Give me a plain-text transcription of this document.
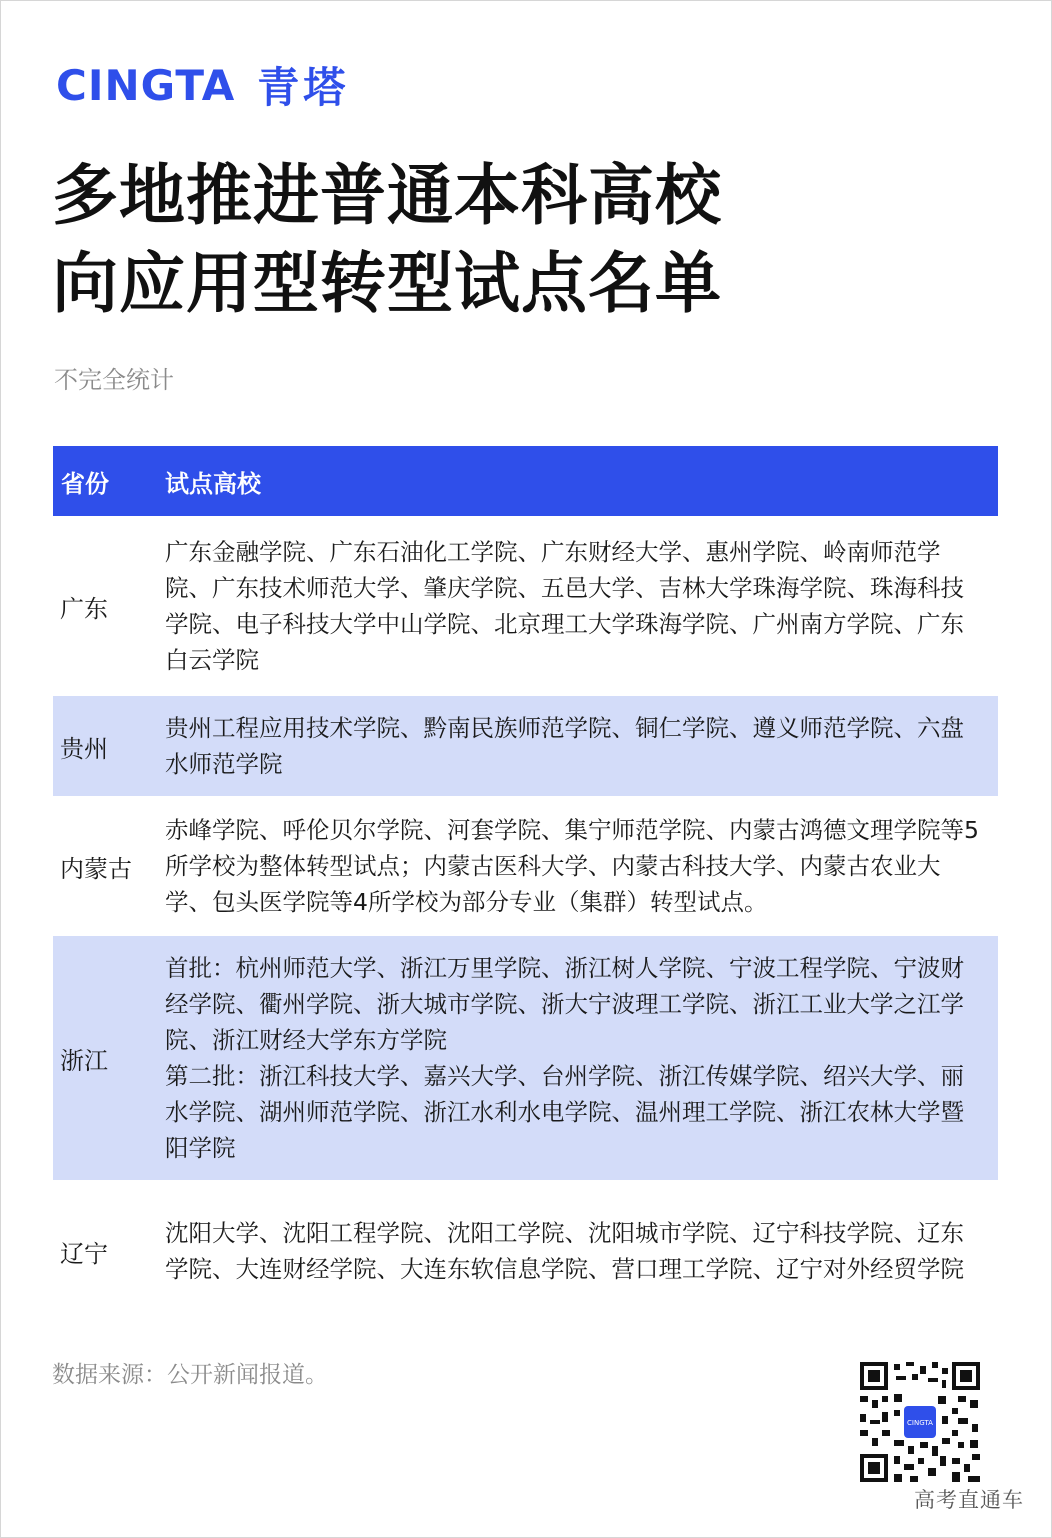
CINGTA 青塔
多地推进普通本科高校
向应用型转型试点名单
不完全统计
省份	试点高校
广东

广东金融学院、广东石油化工学院、广东财经大学、惠州学院、岭南师范学院、广东技术师范大学、肇庆学院、五邑大学、吉林大学珠海学院、珠海科技学院、电子科技大学中山学院、北京理工大学珠海学院、广州南方学院、广东白云学院

贵州

贵州工程应用技术学院、黔南民族师范学院、铜仁学院、遵义师范学院、六盘水师范学院

内蒙古

赤峰学院、呼伦贝尔学院、河套学院、集宁师范学院、内蒙古鸿德文理学院等5所学校为整体转型试点；内蒙古医科大学、内蒙古科技大学、内蒙古农业大学、包头医学院等4所学校为部分专业（集群）转型试点。

浙江

首批：杭州师范大学、浙江万里学院、浙江树人学院、宁波工程学院、宁波财经学院、衢州学院、浙大城市学院、浙大宁波理工学院、浙江工业大学之江学院、浙江财经大学东方学院

第二批：浙江科技大学、嘉兴大学、台州学院、浙江传媒学院、绍兴大学、丽水学院、湖州师范学院、浙江水利水电学院、温州理工学院、浙江农林大学暨阳学院

辽宁

沈阳大学、沈阳工程学院、沈阳工学院、沈阳城市学院、辽宁科技学院、辽东学院、大连财经学院、大连东软信息学院、营口理工学院、辽宁对外经贸学院

数据来源：公开新闻报道。
CINGTA
高考直通车
